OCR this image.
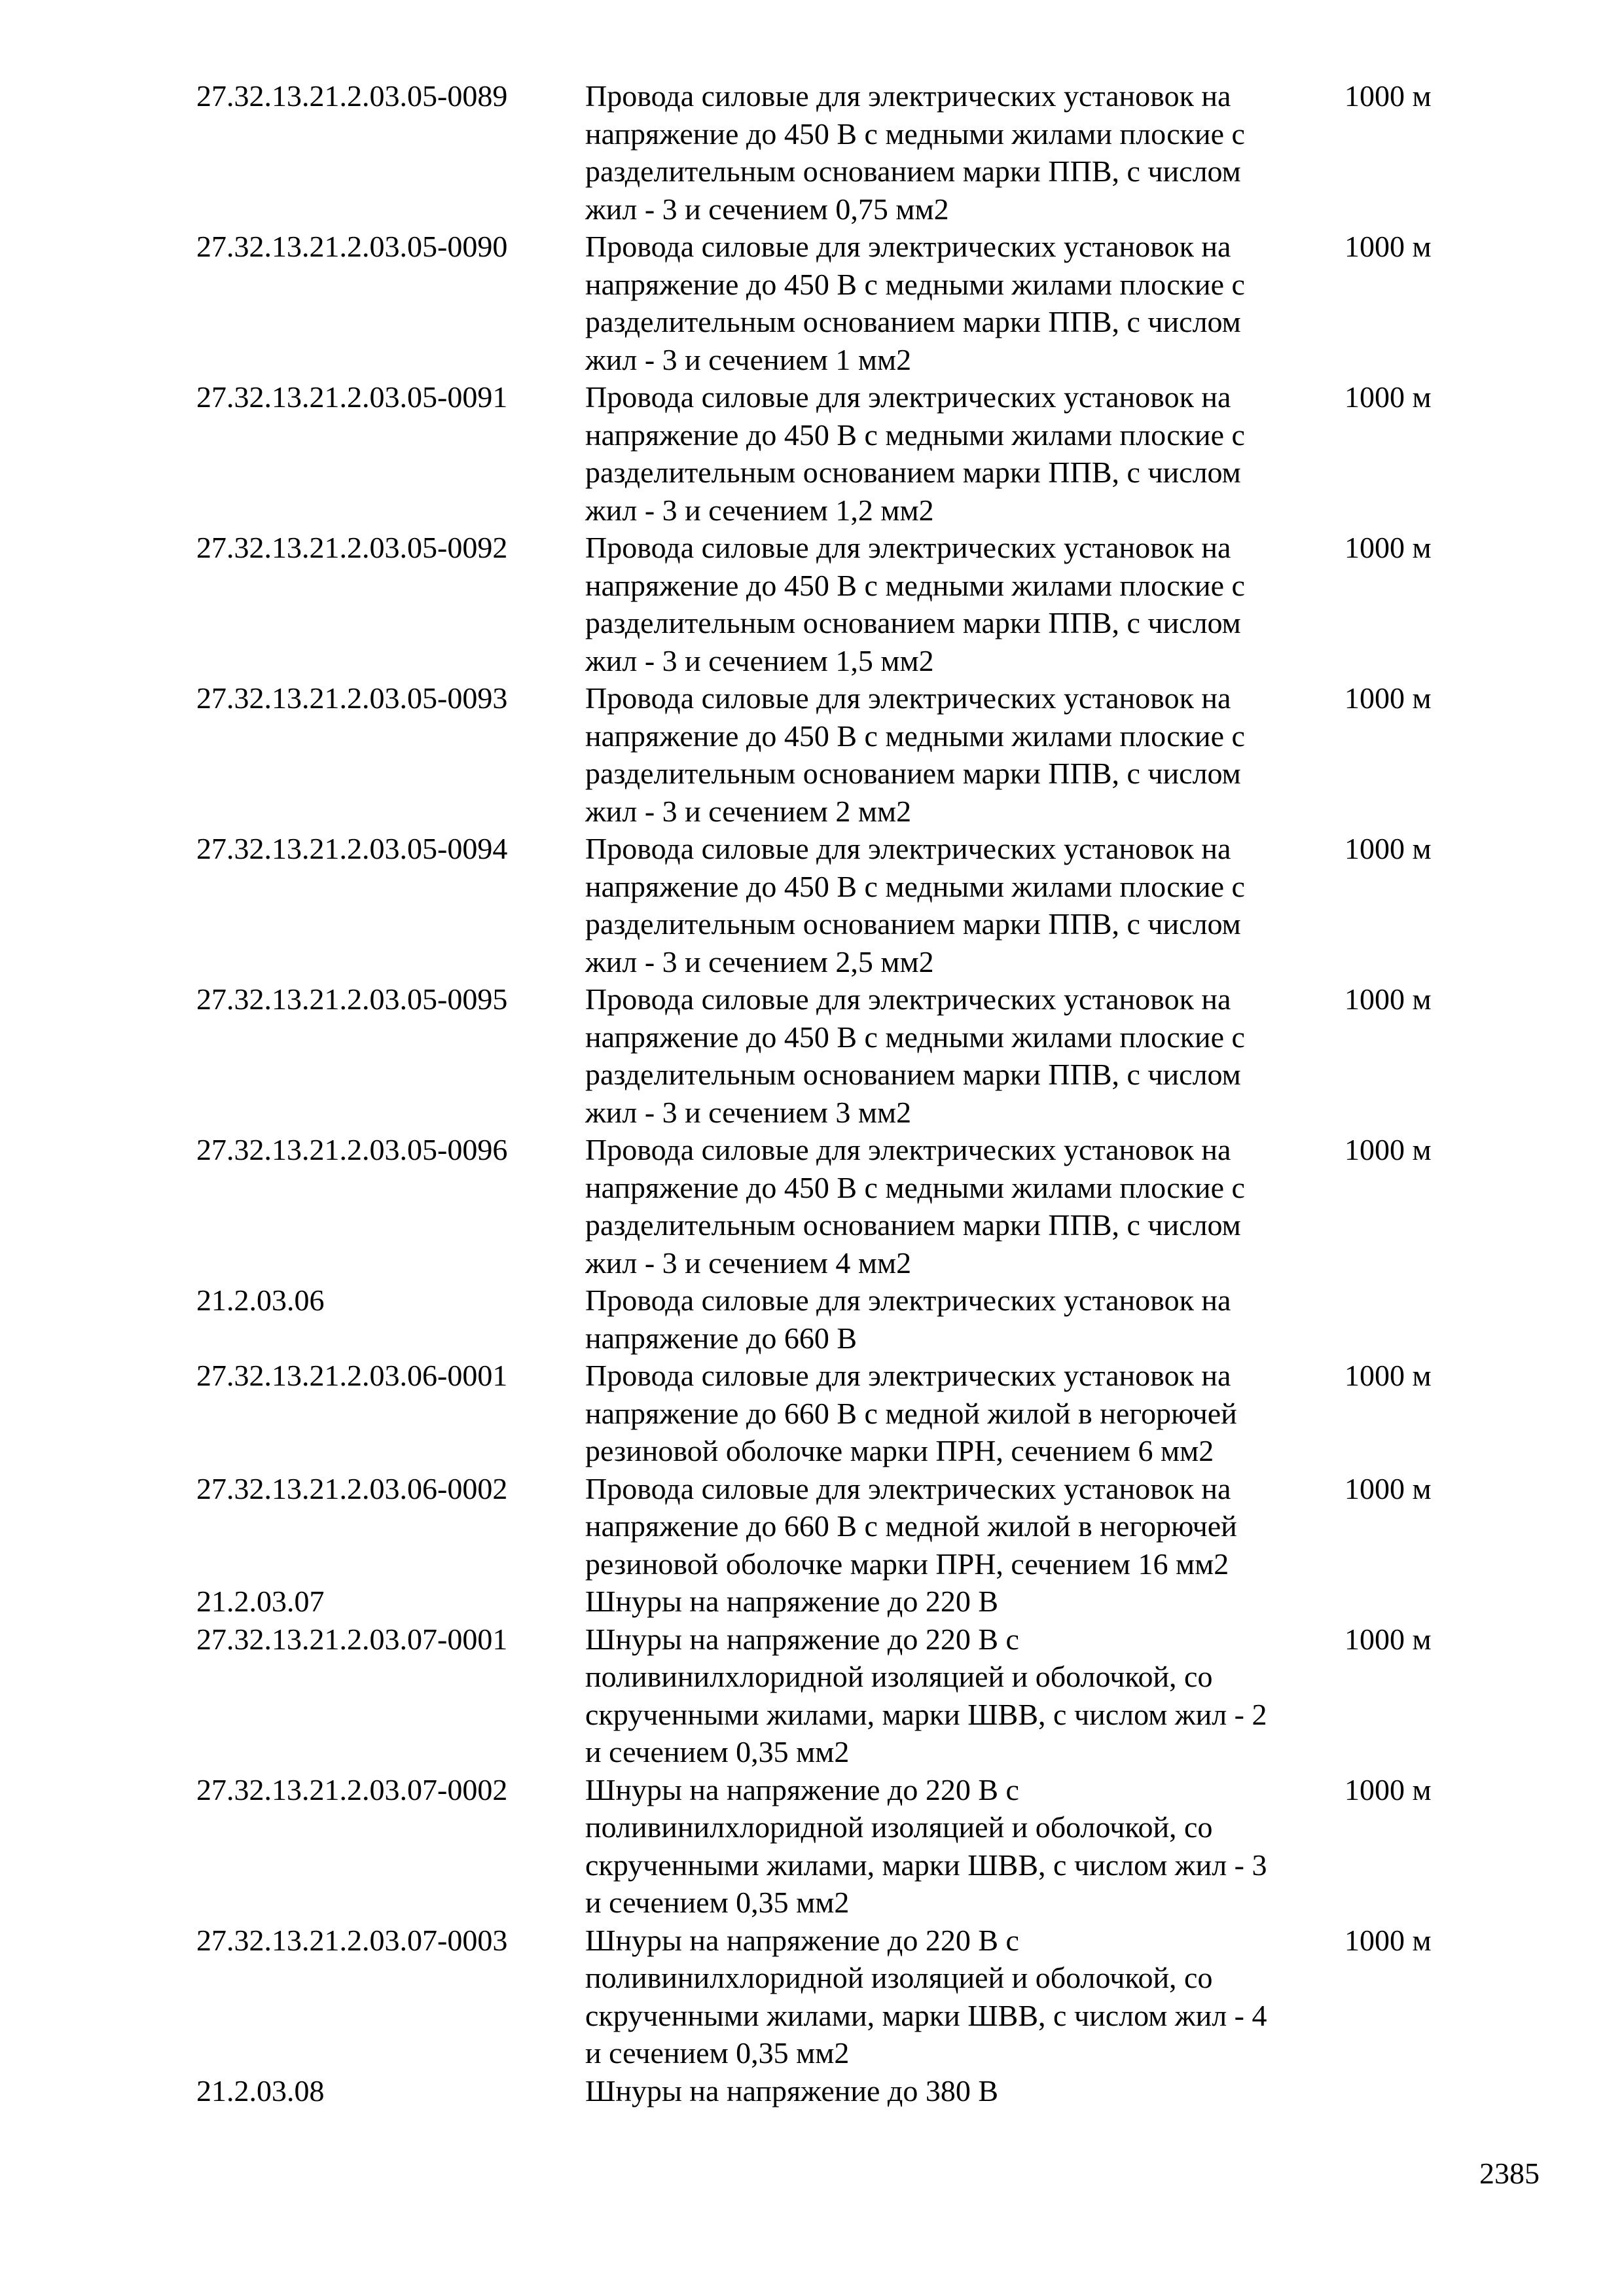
27.32.13.21.2.03.05-0089	Провода силовые для электрических установок на
напряжение до 450 В с медными жилами плоские с
разделительным основанием марки ППВ, с числом
жил - 3 и сечением 0,75 мм2
1000 м
27.32.13.21.2.03.05-0090	Провода силовые для электрических установок на
напряжение до 450 В с медными жилами плоские с
разделительным основанием марки ППВ, с числом
жил - 3 и сечением 1 мм2
1000 м
27.32.13.21.2.03.05-0091	Провода силовые для электрических установок на
напряжение до 450 В с медными жилами плоские с
разделительным основанием марки ППВ, с числом
жил - 3 и сечением 1,2 мм2
1000 м
27.32.13.21.2.03.05-0092	Провода силовые для электрических установок на
напряжение до 450 В с медными жилами плоские с
разделительным основанием марки ППВ, с числом
жил - 3 и сечением 1,5 мм2
1000 м
27.32.13.21.2.03.05-0093	Провода силовые для электрических установок на
напряжение до 450 В с медными жилами плоские с
разделительным основанием марки ППВ, с числом
жил - 3 и сечением 2 мм2
1000 м
27.32.13.21.2.03.05-0094	Провода силовые для электрических установок на
напряжение до 450 В с медными жилами плоские с
разделительным основанием марки ППВ, с числом
жил - 3 и сечением 2,5 мм2
1000 м
27.32.13.21.2.03.05-0095	Провода силовые для электрических установок на
напряжение до 450 В с медными жилами плоские с
разделительным основанием марки ППВ, с числом
жил - 3 и сечением 3 мм2
1000 м
27.32.13.21.2.03.05-0096	Провода силовые для электрических установок на
напряжение до 450 В с медными жилами плоские с
разделительным основанием марки ППВ, с числом
жил - 3 и сечением 4 мм2
1000 м
21.2.03.06	Провода силовые для электрических установок на
напряжение до 660 В
27.32.13.21.2.03.06-0001	Провода силовые для электрических установок на
напряжение до 660 В с медной жилой в негорючей
резиновой оболочке марки ПРН, сечением 6 мм2
1000 м
27.32.13.21.2.03.06-0002	Провода силовые для электрических установок на
напряжение до 660 В с медной жилой в негорючей
резиновой оболочке марки ПРН, сечением 16 мм2
1000 м
21.2.03.07	Шнуры на напряжение до 220 В
27.32.13.21.2.03.07-0001	Шнуры на напряжение до 220 В с
поливинилхлоридной изоляцией и оболочкой, со
скрученными жилами, марки ШВВ, с числом жил - 2
и сечением 0,35 мм2
1000 м
27.32.13.21.2.03.07-0002	Шнуры на напряжение до 220 В с
поливинилхлоридной изоляцией и оболочкой, со
скрученными жилами, марки ШВВ, с числом жил - 3
и сечением 0,35 мм2
1000 м
27.32.13.21.2.03.07-0003	Шнуры на напряжение до 220 В с
поливинилхлоридной изоляцией и оболочкой, со
скрученными жилами, марки ШВВ, с числом жил - 4
и сечением 0,35 мм2
1000 м
21.2.03.08	Шнуры на напряжение до 380 В
2385
